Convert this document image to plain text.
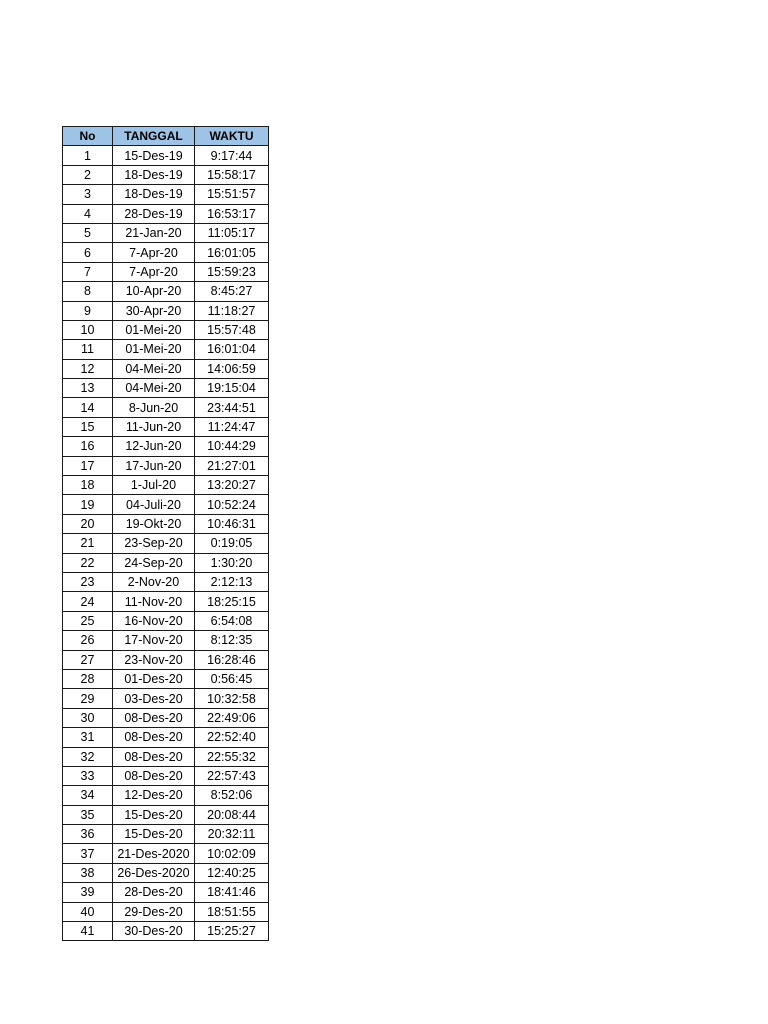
No	TANGGAL	WAKTU
1	15-Des-19	9:17:44
2	18-Des-19	15:58:17
3	18-Des-19	15:51:57
4	28-Des-19	16:53:17
5	21-Jan-20	11:05:17
6	7-Apr-20	16:01:05
7	7-Apr-20	15:59:23
8	10-Apr-20	8:45:27
9	30-Apr-20	11:18:27
10	01-Mei-20	15:57:48
11	01-Mei-20	16:01:04
12	04-Mei-20	14:06:59
13	04-Mei-20	19:15:04
14	8-Jun-20	23:44:51
15	11-Jun-20	11:24:47
16	12-Jun-20	10:44:29
17	17-Jun-20	21:27:01
18	1-Jul-20	13:20:27
19	04-Juli-20	10:52:24
20	19-Okt-20	10:46:31
21	23-Sep-20	0:19:05
22	24-Sep-20	1:30:20
23	2-Nov-20	2:12:13
24	11-Nov-20	18:25:15
25	16-Nov-20	6:54:08
26	17-Nov-20	8:12:35
27	23-Nov-20	16:28:46
28	01-Des-20	0:56:45
29	03-Des-20	10:32:58
30	08-Des-20	22:49:06
31	08-Des-20	22:52:40
32	08-Des-20	22:55:32
33	08-Des-20	22:57:43
34	12-Des-20	8:52:06
35	15-Des-20	20:08:44
36	15-Des-20	20:32:11
37	21-Des-2020	10:02:09
38	26-Des-2020	12:40:25
39	28-Des-20	18:41:46
40	29-Des-20	18:51:55
41	30-Des-20	15:25:27
